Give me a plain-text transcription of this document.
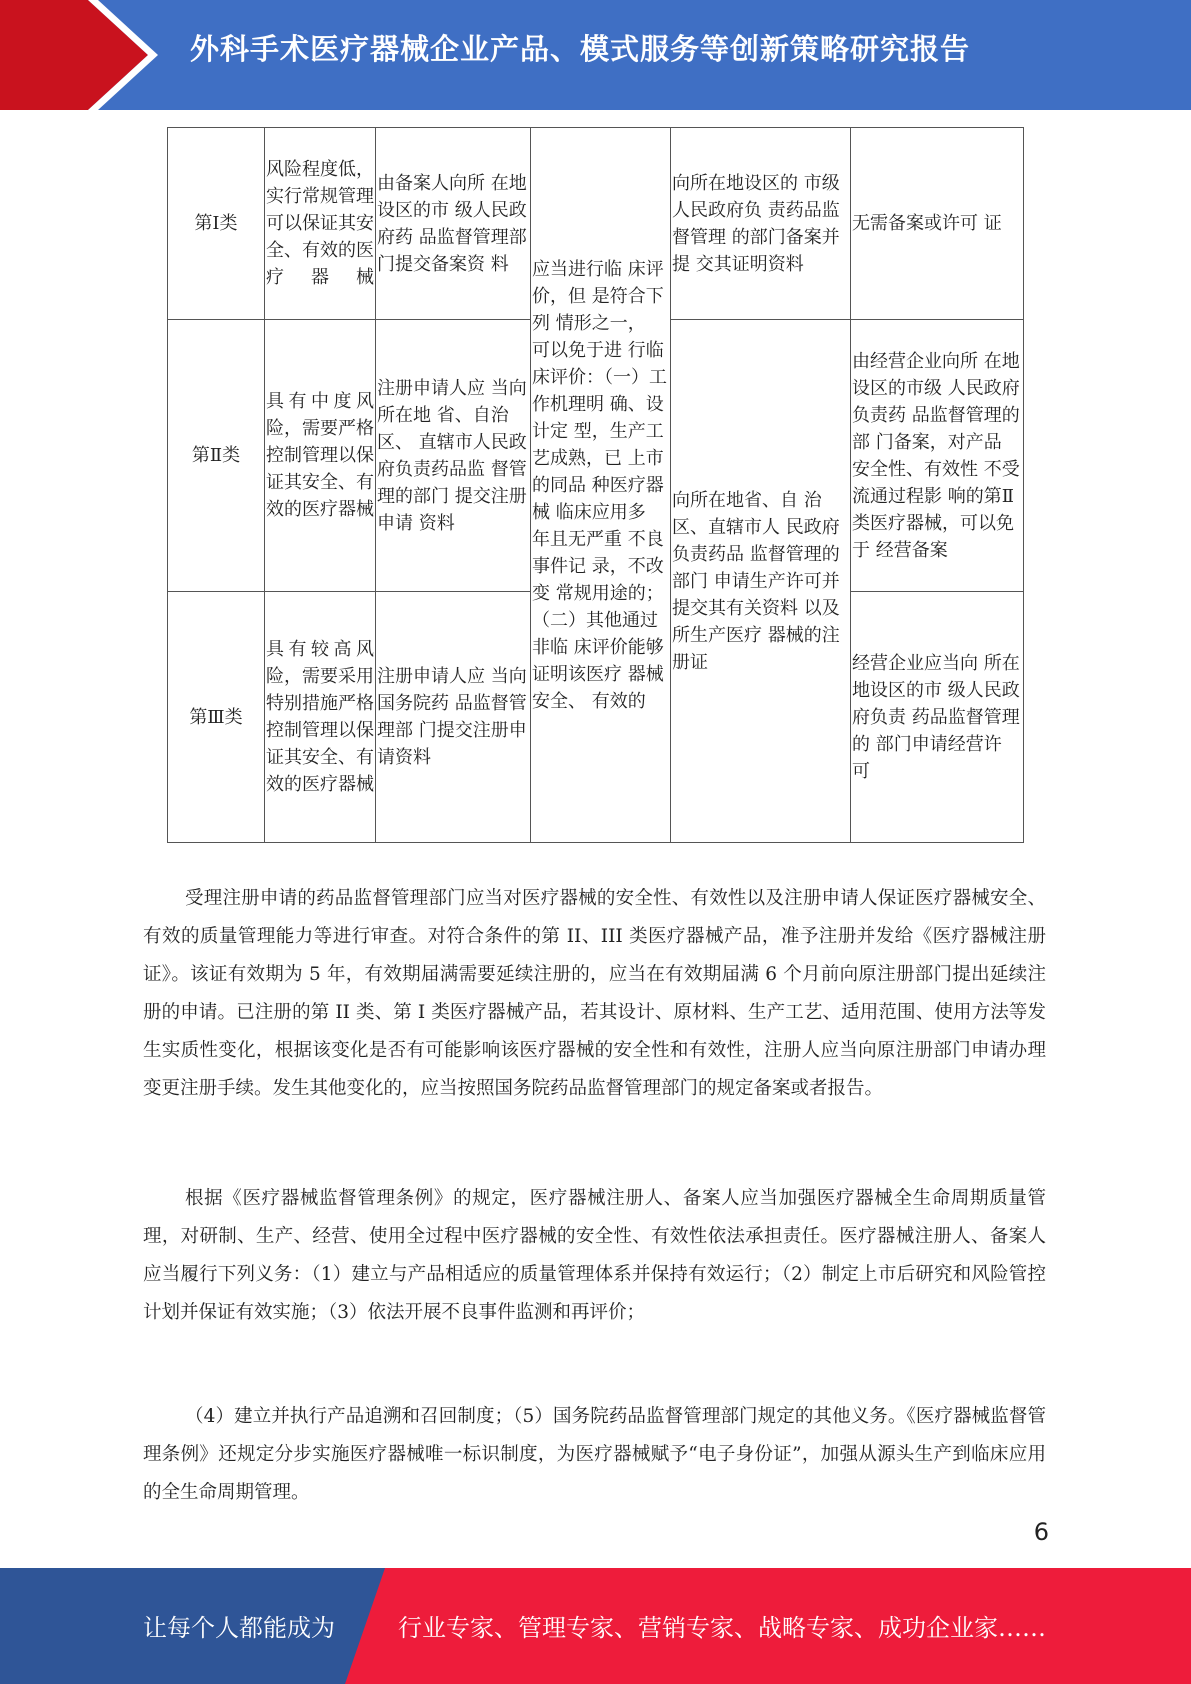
外科手术医疗器械企业产品、模式服务等创新策略研究报告
第Ⅰ类	风险程度低，实行常规管理可以保证其安全、有效的医疗器械	由备案人向所 在地设区的市 级人民政府药 品监督管理部 门提交备案资 料	应当进行临 床评价，但 是符合下列 情形之一， 可以免于进 行临床评价：（一）工作机理明 确、设计定 型，生产工 艺成熟，已 上市的同品 种医疗器械 临床应用多 年且无严重 不良事件记 录，不改变 常规用途的；（二）其他通过非临 床评价能够 证明该医疗 器械安全、 有效的	向所在地设区的 市级人民政府负 责药品监督管理 的部门备案并提 交其证明资料	无需备案或许可 证
第Ⅱ类	具有中度风险，需要严格控制管理以保证其安全、有效的医疗器械	注册申请人应 当向所在地 省、自治区、 直辖市人民政 府负责药品监 督管理的部门 提交注册申请 资料		向所在地省、自 治区、直辖市人 民政府负责药品 监督管理的部门 申请生产许可并 提交其有关资料 以及所生产医疗 器械的注册证	由经营企业向所 在地设区的市级 人民政府负责药 品监督管理的部 门备案，对产品 安全性、有效性 不受流通过程影 响的第Ⅱ类医疗器械，可以免于 经营备案
第Ⅲ类	具有较高风险，需要采用特别措施严格控制管理以保证其安全、有效的医疗器械	注册申请人应 当向国务院药 品监督管理部 门提交注册申 请资料			经营企业应当向 所在地设区的市 级人民政府负责 药品监督管理的 部门申请经营许 可

受理注册申请的药品监督管理部门应当对医疗器械的安全性、有效性以及注册申请人保证医疗器械安全、有效的质量管理能力等进行审查。对符合条件的第 II、III 类医疗器械产品，准予注册并发给《医疗器械注册证》。该证有效期为 5 年，有效期届满需要延续注册的，应当在有效期届满 6 个月前向原注册部门提出延续注册的申请。已注册的第 II 类、第 I 类医疗器械产品，若其设计、原材料、生产工艺、适用范围、使用方法等发生实质性变化，根据该变化是否有可能影响该医疗器械的安全性和有效性，注册人应当向原注册部门申请办理变更注册手续。发生其他变化的，应当按照国务院药品监督管理部门的规定备案或者报告。

根据《医疗器械监督管理条例》的规定，医疗器械注册人、备案人应当加强医疗器械全生命周期质量管理，对研制、生产、经营、使用全过程中医疗器械的安全性、有效性依法承担责任。医疗器械注册人、备案人应当履行下列义务：（1）建立与产品相适应的质量管理体系并保持有效运行；（2）制定上市后研究和风险管控计划并保证有效实施；（3）依法开展不良事件监测和再评价；

（4）建立并执行产品追溯和召回制度；（5）国务院药品监督管理部门规定的其他义务。《医疗器械监督管理条例》还规定分步实施医疗器械唯一标识制度，为医疗器械赋予“电子身份证”，加强从源头生产到临床应用的全生命周期管理。

6
让每个人都能成为	行业专家、管理专家、营销专家、战略专家、成功企业家……
